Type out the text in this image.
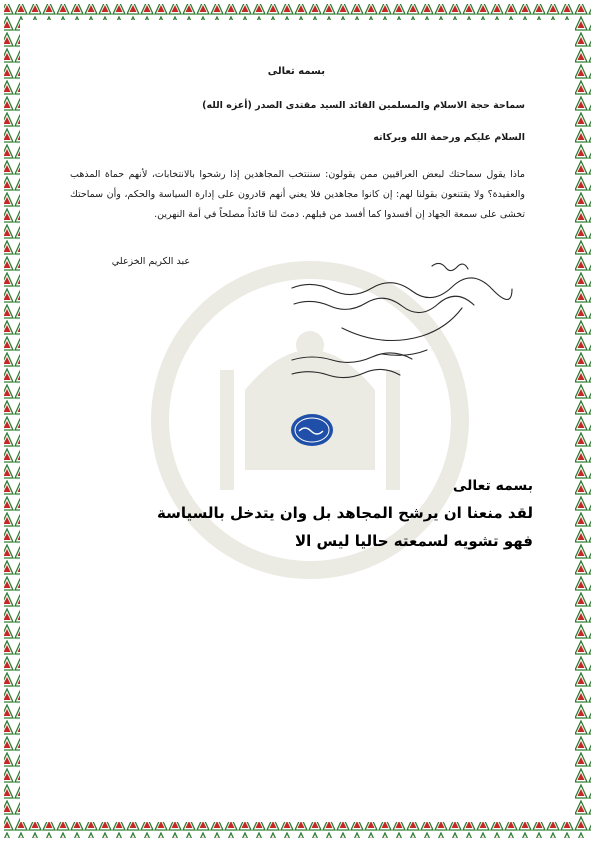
بسمه تعالى
سماحة حجة الاسلام والمسلمين القائد السيد مقتدى الصدر (أعزه الله)
السلام عليكم ورحمة الله وبركاته
ماذا يقول سماحتك لبعض العراقيين ممن يقولون: سننتخب المجاهدين إذا رشحوا بالانتخابات، لأنهم حماة المذهب والعقيدة؟ ولا يقتنعون بقولنا لهم: إن كانوا مجاهدين فلا يعني أنهم قادرون على إدارة السياسة والحكم، وأن سماحتك تخشى على سمعة الجهاد إن أفسدوا كما أفسد من قبلهم. دمتَ لنا قائداً مصلحاً في أمة النهرين.
عبد الكريم الخزعلي
بسمه تعالى
لقد منعنا ان يرشح المجاهد بل وان يتدخل بالسياسة
فهو تشويه لسمعته حاليا ليس الا
